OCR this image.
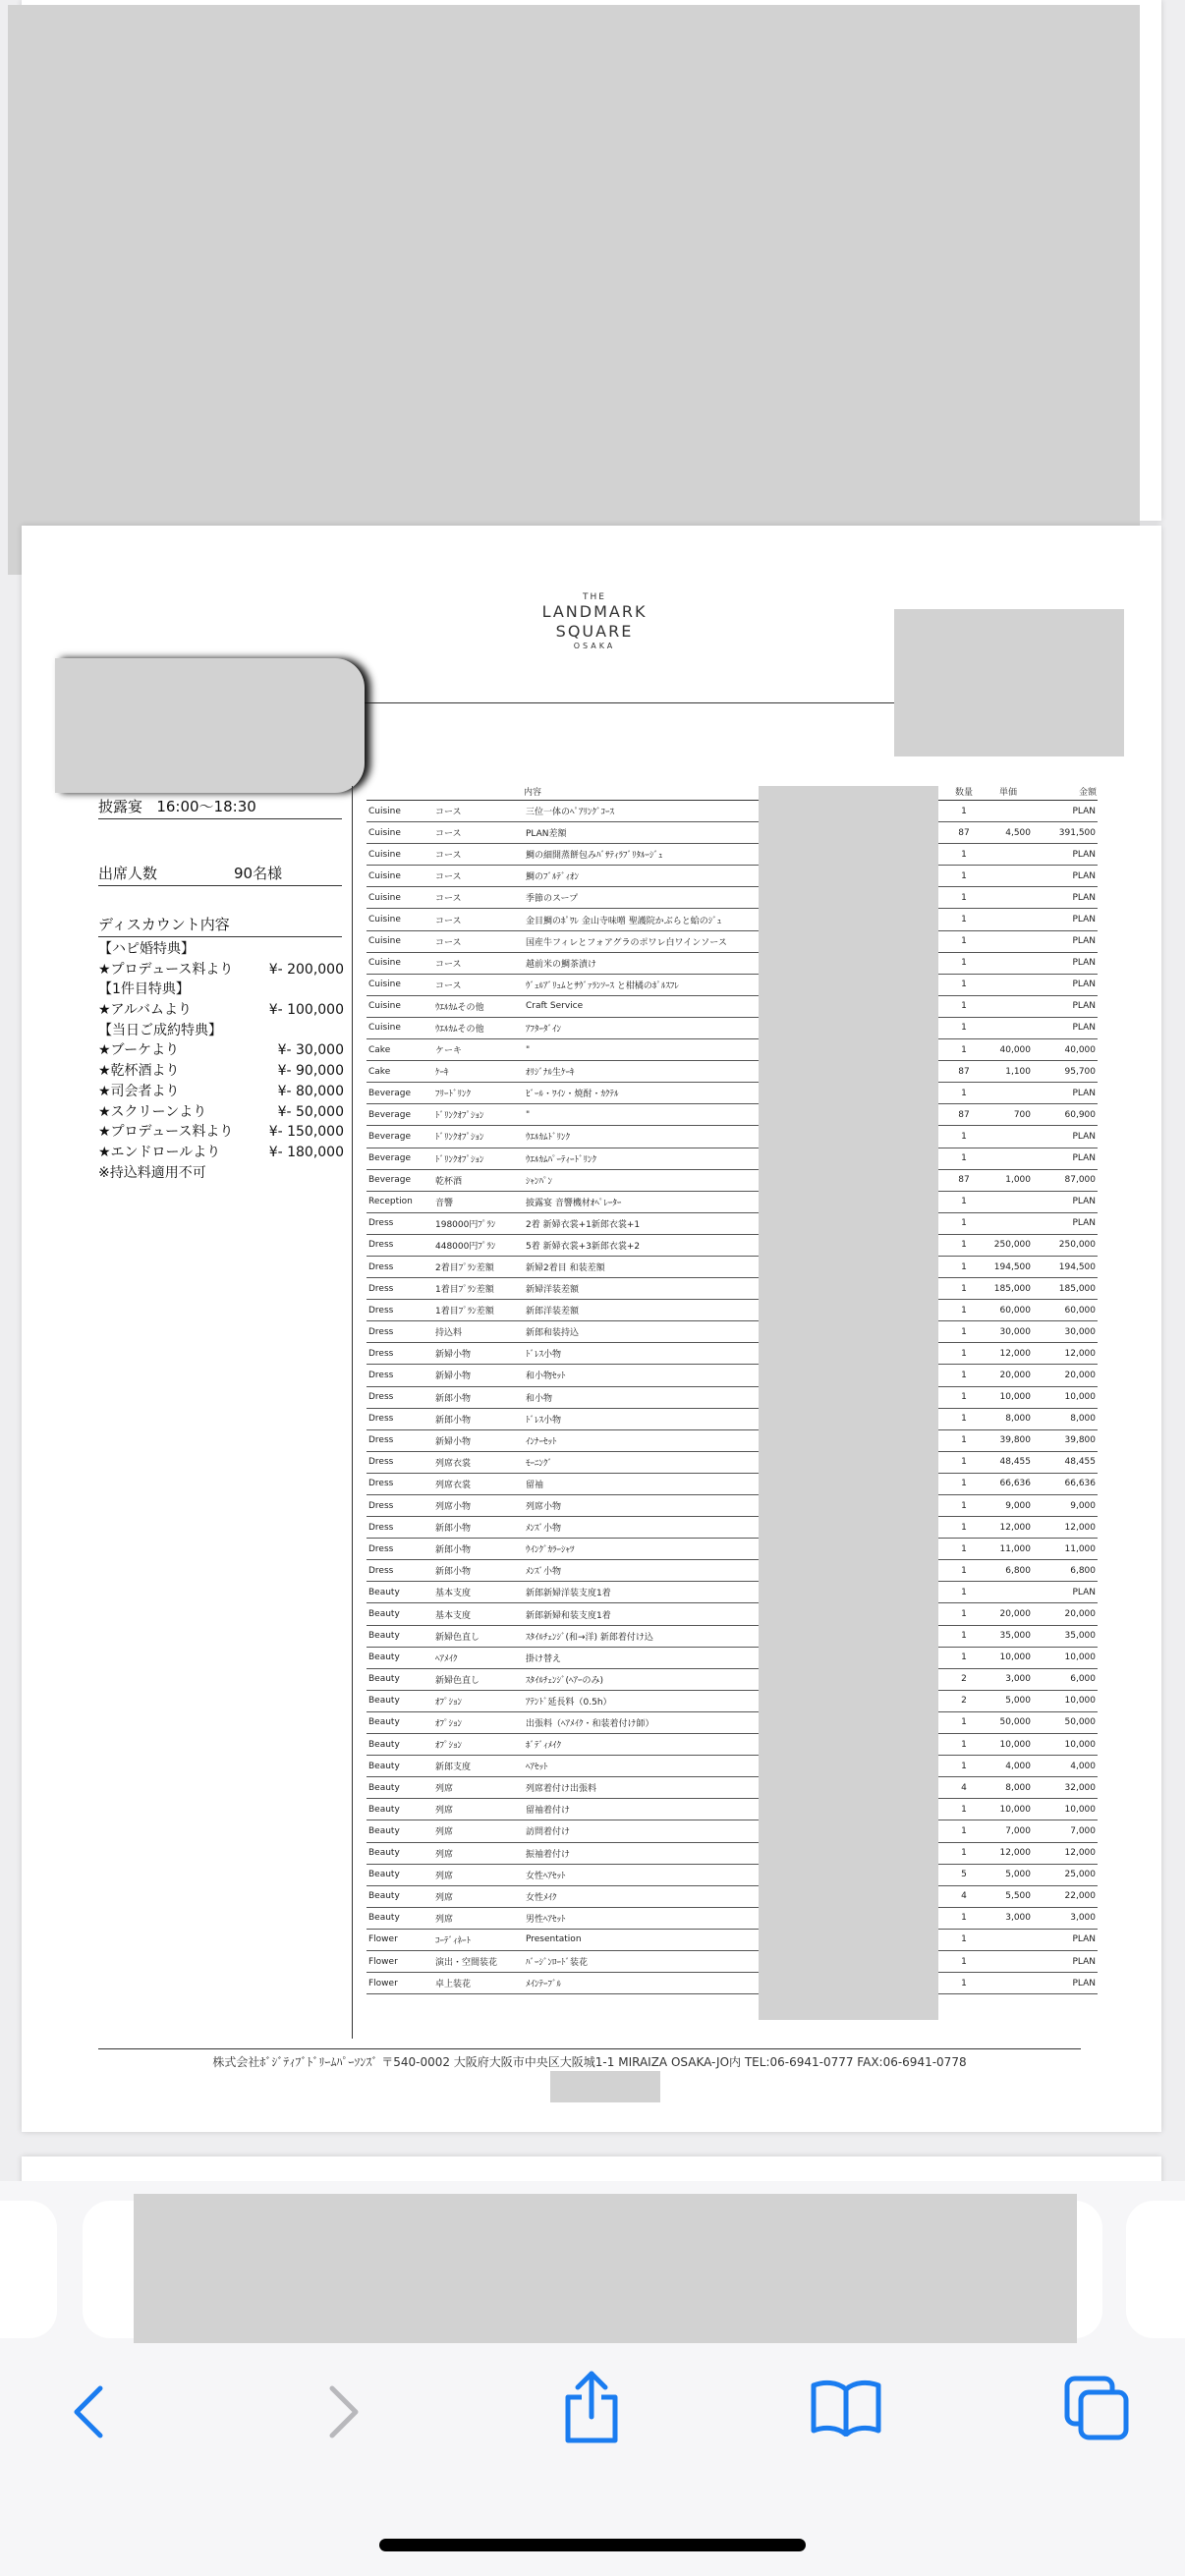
THE
LANDMARK
SQUARE
OSAKA
披露宴 16:00～18:30
出席人数	90名様
ディスカウント内容
【ハピ婚特典】
★プロデュース料より	¥- 200,000
【1件目特典】
★アルバムより	¥- 100,000
【当日ご成約特典】
★ブーケより	¥- 30,000
★乾杯酒より	¥- 90,000
★司会者より	¥- 80,000
★スクリーンより	¥- 50,000
★プロデュース料より	¥- 150,000
★エンドロールより	¥- 180,000
※持込料適用不可
		内容		数量	単価	金額
Cuisine	コース	三位一体のﾍﾟｱﾘﾝｸﾞｺｰｽ		1		PLAN
Cuisine	コース	PLAN差額		87	4,500	391,500
Cuisine	コース	鯛の細開蒸餅包みﾊﾞｻﾃｨﾗﾌﾞﾘﾀﾙｰｼﾞｭ		1		PLAN
Cuisine	コース	鯛のﾌﾞﾙﾃﾞｨｵﾝ		1		PLAN
Cuisine	コース	季節のスープ		1		PLAN
Cuisine	コース	金目鯛のﾎﾟﾜﾚ 金山寺味噌 聖護院かぶらと蛤のｼﾞｭ		1		PLAN
Cuisine	コース	国産牛フィレとフォアグラのポワレ白ワインソース		1		PLAN
Cuisine	コース	越前米の鯛茶漬け		1		PLAN
Cuisine	コース	ｳﾞｪﾙｱﾞﾘｭﾑとｻｳﾞｧﾗﾝｿｰｽ と柑橘のﾎﾟﾙｽﾌﾚ		1		PLAN
Cuisine	ｳｴﾙｶﾑその他	Craft Service		1		PLAN
Cuisine	ｳｴﾙｶﾑその他	ｱﾌﾀｰﾀﾞｲﾝ		1		PLAN
Cake	ケーキ	"		1	40,000	40,000
Cake	ｹｰｷ	ｵﾘｼﾞﾅﾙ生ｹｰｷ		87	1,100	95,700
Beverage	ﾌﾘｰﾄﾞﾘﾝｸ	ﾋﾞｰﾙ・ﾜｲﾝ・焼酎・ｶｸﾃﾙ		1		PLAN
Beverage	ﾄﾞﾘﾝｸｵﾌﾟｼｮﾝ	"		87	700	60,900
Beverage	ﾄﾞﾘﾝｸｵﾌﾟｼｮﾝ	ｳｴﾙｶﾑﾄﾞﾘﾝｸ		1		PLAN
Beverage	ﾄﾞﾘﾝｸｵﾌﾟｼｮﾝ	ｳｴﾙｶﾑﾊﾟｰﾃｨｰﾄﾞﾘﾝｸ		1		PLAN
Beverage	乾杯酒	ｼｬﾝﾊﾟﾝ		87	1,000	87,000
Reception	音響	披露宴 音響機材ｵﾍﾟﾚｰﾀｰ		1		PLAN
Dress	198000円ﾌﾟﾗﾝ	2着 新婦衣裳+1新郎衣裳+1		1		PLAN
Dress	448000円ﾌﾟﾗﾝ	5着 新婦衣裳+3新郎衣裳+2		1	250,000	250,000
Dress	2着目ﾌﾟﾗﾝ差額	新婦2着目 和装差額		1	194,500	194,500
Dress	1着目ﾌﾟﾗﾝ差額	新婦洋装差額		1	185,000	185,000
Dress	1着目ﾌﾟﾗﾝ差額	新郎洋装差額		1	60,000	60,000
Dress	持込料	新郎和装持込		1	30,000	30,000
Dress	新婦小物	ﾄﾞﾚｽ小物		1	12,000	12,000
Dress	新婦小物	和小物ｾｯﾄ		1	20,000	20,000
Dress	新郎小物	和小物		1	10,000	10,000
Dress	新郎小物	ﾄﾞﾚｽ小物		1	8,000	8,000
Dress	新婦小物	ｲﾝﾅｰｾｯﾄ		1	39,800	39,800
Dress	列席衣裳	ﾓｰﾆﾝｸﾞ		1	48,455	48,455
Dress	列席衣裳	留袖		1	66,636	66,636
Dress	列席小物	列席小物		1	9,000	9,000
Dress	新郎小物	ﾒﾝｽﾞ小物		1	12,000	12,000
Dress	新郎小物	ｳｲﾝｸﾞｶﾗｰｼｬﾂ		1	11,000	11,000
Dress	新郎小物	ﾒﾝｽﾞ小物		1	6,800	6,800
Beauty	基本支度	新郎新婦洋装支度1着		1		PLAN
Beauty	基本支度	新郎新婦和装支度1着		1	20,000	20,000
Beauty	新婦色直し	ｽﾀｲﾙﾁｪﾝｼﾞ(和→洋) 新郎着付け込		1	35,000	35,000
Beauty	ﾍｱﾒｲｸ	掛け替え		1	10,000	10,000
Beauty	新婦色直し	ｽﾀｲﾙﾁｪﾝｼﾞ(ﾍｱｰのみ)		2	3,000	6,000
Beauty	ｵﾌﾟｼｮﾝ	ｱﾃﾝﾄﾞ延長料（0.5h）		2	5,000	10,000
Beauty	ｵﾌﾟｼｮﾝ	出張料（ﾍｱﾒｲｸ・和装着付け師）		1	50,000	50,000
Beauty	ｵﾌﾟｼｮﾝ	ﾎﾞﾃﾞｨﾒｲｸ		1	10,000	10,000
Beauty	新郎支度	ﾍｱｾｯﾄ		1	4,000	4,000
Beauty	列席	列席着付け出張料		4	8,000	32,000
Beauty	列席	留袖着付け		1	10,000	10,000
Beauty	列席	訪問着付け		1	7,000	7,000
Beauty	列席	振袖着付け		1	12,000	12,000
Beauty	列席	女性ﾍｱｾｯﾄ		5	5,000	25,000
Beauty	列席	女性ﾒｲｸ		4	5,500	22,000
Beauty	列席	男性ﾍｱｾｯﾄ		1	3,000	3,000
Flower	ｺｰﾃﾞｨﾈｰﾄ	Presentation		1		PLAN
Flower	演出・空間装花	ﾊﾞｰｼﾞﾝﾛｰﾄﾞ装花		1		PLAN
Flower	卓上装花	ﾒｲﾝﾃｰﾌﾞﾙ		1		PLAN
株式会社ﾎﾞｼﾞﾃｨﾌﾞﾄﾞﾘｰﾑﾊﾟｰｿﾝｽﾞ 〒540-0002 大阪府大阪市中央区大阪城1-1 MIRAIZA OSAKA-JO内 TEL:06-6941-0777 FAX:06-6941-0778
